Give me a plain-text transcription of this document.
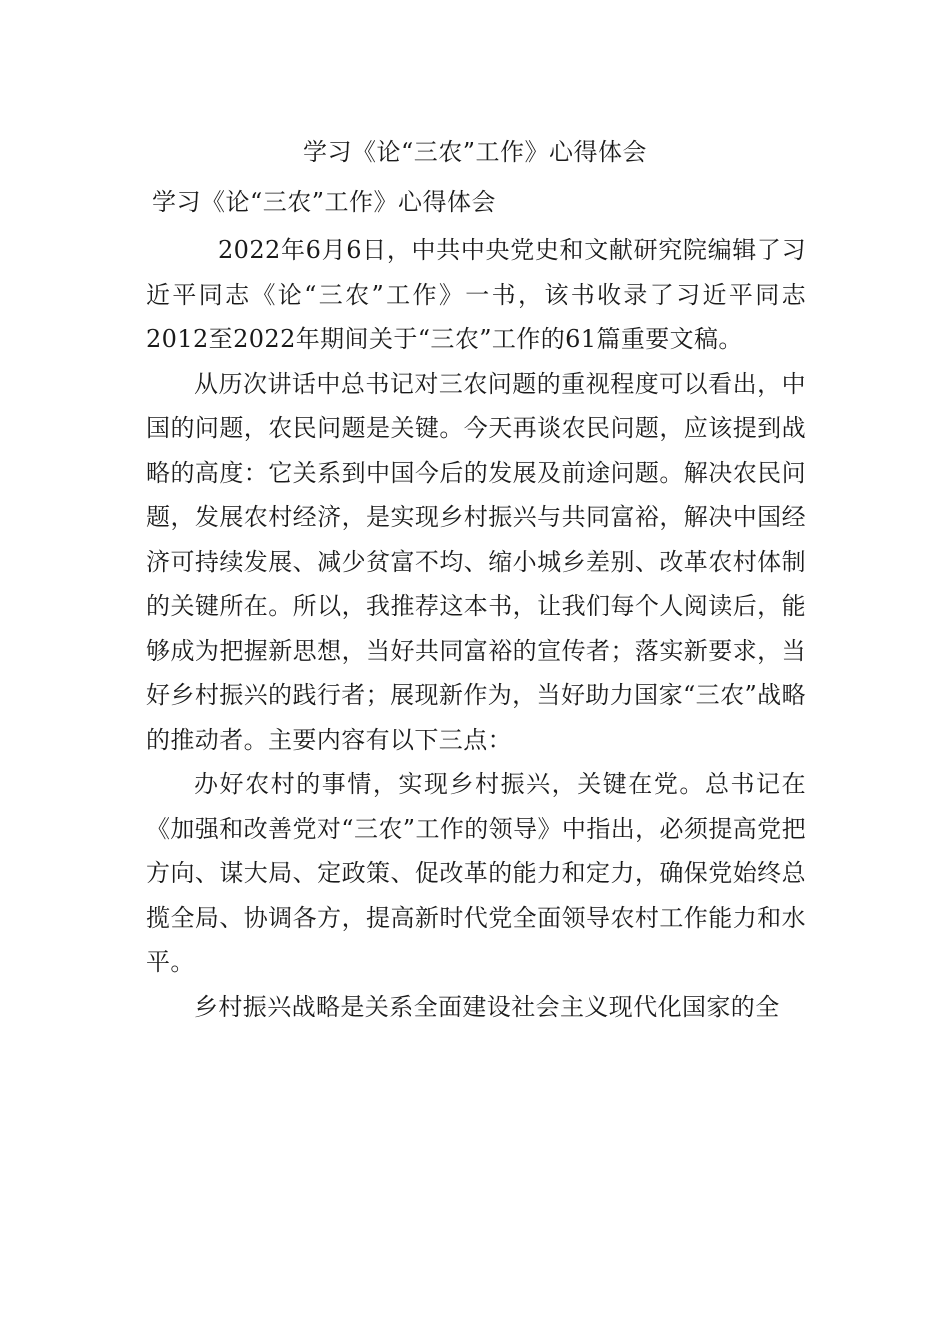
学习《论“三农”工作》心得体会
学习《论“三农”工作》心得体会

2022年6月6日，中共中央党史和文献研究院编辑了习近平同志《论“三农”工作》一书，该书收录了习近平同志2012至2022年期间关于“三农”工作的61篇重要文稿。

从历次讲话中总书记对三农问题的重视程度可以看出，中国的问题，农民问题是关键。今天再谈农民问题，应该提到战略的高度：它关系到中国今后的发展及前途问题。解决农民问题，发展农村经济，是实现乡村振兴与共同富裕，解决中国经济可持续发展、减少贫富不均、缩小城乡差别、改革农村体制的关键所在。所以，我推荐这本书，让我们每个人阅读后，能够成为把握新思想，当好共同富裕的宣传者；落实新要求，当好乡村振兴的践行者；展现新作为，当好助力国家“三农”战略的推动者。主要内容有以下三点：

办好农村的事情，实现乡村振兴，关键在党。总书记在《加强和改善党对“三农”工作的领导》中指出，必须提高党把方向、谋大局、定政策、促改革的能力和定力，确保党始终总揽全局、协调各方，提高新时代党全面领导农村工作能力和水平。

乡村振兴战略是关系全面建设社会主义现代化国家的全
